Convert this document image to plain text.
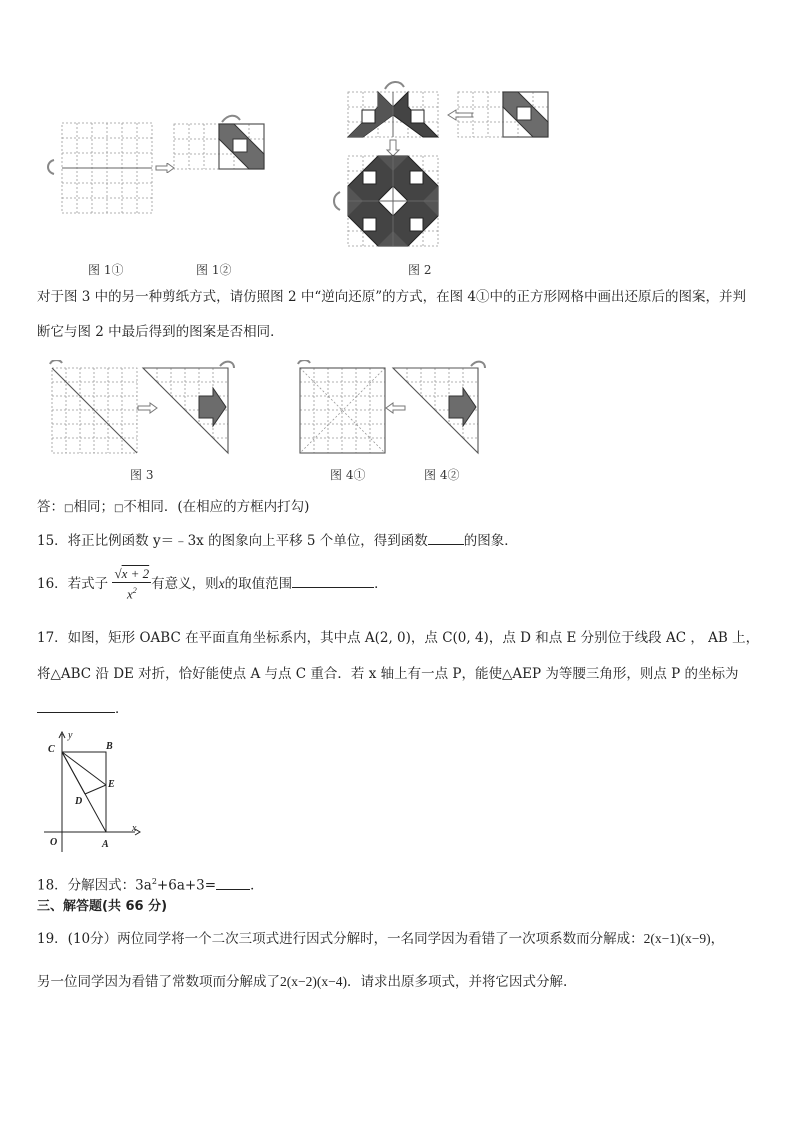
图 1①	图 1②	图 2
对于图 3 中的另一种剪纸方式，请仿照图 2 中“逆向还原”的方式，在图 4①中的正方形网格中画出还原后的图案，并判
断它与图 2 中最后得到的图案是否相同．
图 3	图 4①	图 4②
答：□相同；□不相同．(在相应的方框内打勾)
15．将正比例函数 y＝﹣3x 的图象向上平移 5 个单位，得到函数	的图象．
16．若式子 $\frac{√x + 2}{x^2}$ 有意义，则x的取值范围	．
17．如图，矩形 OABC 在平面直角坐标系内，其中点 A(2, 0)，点 C(0, 4)，点 D 和点 E 分别位于线段 AC ， AB 上，
将△ABC 沿 DE 对折，恰好能使点 A 与点 C 重合．若 x 轴上有一点 P，能使△AEP 为等腰三角形，则点 P 的坐标为
．
C	B
E
D
O	A
x
y
18．分解因式：$3a^2+6a+3=$	．
三、解答题(共 66 分)
19．(10分）两位同学将一个二次三项式进行因式分解时，一名同学因为看错了一次项系数而分解成：2(x−1)(x−9)，
另一位同学因为看错了常数项而分解成了2(x−2)(x−4)．请求出原多项式，并将它因式分解.
